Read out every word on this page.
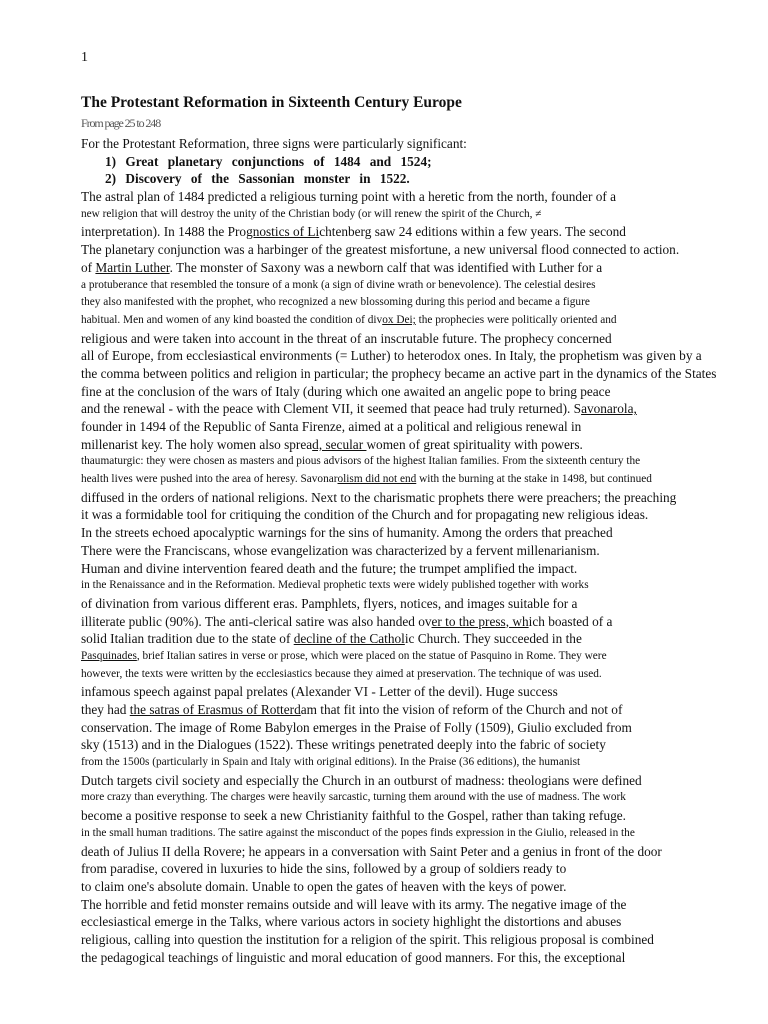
1
The Protestant Reformation in Sixteenth Century Europe
From page 25 to 248
For the Protestant Reformation, three signs were particularly significant:
1) Great planetary conjunctions of 1484 and 1524;
2) Discovery of the Sassonian monster in 1522.
The astral plan of 1484 predicted a religious turning point with a heretic from the north, founder of a
new religion that will destroy the unity of the Christian body (or will renew the spirit of the Church, ≠
interpretation). In 1488 the Prognostics of Lichtenberg saw 24 editions within a few years. The second
The planetary conjunction was a harbinger of the greatest misfortune, a new universal flood connected to action.
of Martin Luther. The monster of Saxony was a newborn calf that was identified with Luther for a
a protuberance that resembled the tonsure of a monk (a sign of divine wrath or benevolence). The celestial desires
they also manifested with the prophet, who recognized a new blossoming during this period and became a figure
habitual. Men and women of any kind boasted the condition of divox Dei; the prophecies were politically oriented and
religious and were taken into account in the threat of an inscrutable future. The prophecy concerned
all of Europe, from ecclesiastical environments (= Luther) to heterodox ones. In Italy, the prophetism was given by a
the comma between politics and religion in particular; the prophecy became an active part in the dynamics of the States
fine at the conclusion of the wars of Italy (during which one awaited an angelic pope to bring peace
and the renewal - with the peace with Clement VII, it seemed that peace had truly returned). Savonarola,
founder in 1494 of the Republic of Santa Firenze, aimed at a political and religious renewal in
millenarist key. The holy women also spread, secular women of great spirituality with powers.
thaumaturgic: they were chosen as masters and pious advisors of the highest Italian families. From the sixteenth century the
health lives were pushed into the area of heresy. Savonarolism did not end with the burning at the stake in 1498, but continued
diffused in the orders of national religions. Next to the charismatic prophets there were preachers; the preaching
it was a formidable tool for critiquing the condition of the Church and for propagating new religious ideas.
In the streets echoed apocalyptic warnings for the sins of humanity. Among the orders that preached
There were the Franciscans, whose evangelization was characterized by a fervent millenarianism.
Human and divine intervention feared death and the future; the trumpet amplified the impact.
in the Renaissance and in the Reformation. Medieval prophetic texts were widely published together with works
of divination from various different eras. Pamphlets, flyers, notices, and images suitable for a
illiterate public (90%). The anti-clerical satire was also handed over to the press, which boasted of a
solid Italian tradition due to the state of decline of the Catholic Church. They succeeded in the
Pasquinades, brief Italian satires in verse or prose, which were placed on the statue of Pasquino in Rome. They were
however, the texts were written by the ecclesiastics because they aimed at preservation. The technique of was used.
infamous speech against papal prelates (Alexander VI - Letter of the devil). Huge success
they had the satras of Erasmus of Rotterdam that fit into the vision of reform of the Church and not of
conservation. The image of Rome Babylon emerges in the Praise of Folly (1509), Giulio excluded from
sky (1513) and in the Dialogues (1522). These writings penetrated deeply into the fabric of society
from the 1500s (particularly in Spain and Italy with original editions). In the Praise (36 editions), the humanist
Dutch targets civil society and especially the Church in an outburst of madness: theologians were defined
more crazy than everything. The charges were heavily sarcastic, turning them around with the use of madness. The work
become a positive response to seek a new Christianity faithful to the Gospel, rather than taking refuge.
in the small human traditions. The satire against the misconduct of the popes finds expression in the Giulio, released in the
death of Julius II della Rovere; he appears in a conversation with Saint Peter and a genius in front of the door
from paradise, covered in luxuries to hide the sins, followed by a group of soldiers ready to
to claim one's absolute domain. Unable to open the gates of heaven with the keys of power.
The horrible and fetid monster remains outside and will leave with its army. The negative image of the
ecclesiastical emerge in the Talks, where various actors in society highlight the distortions and abuses
religious, calling into question the institution for a religion of the spirit. This religious proposal is combined
the pedagogical teachings of linguistic and moral education of good manners. For this, the exceptional
